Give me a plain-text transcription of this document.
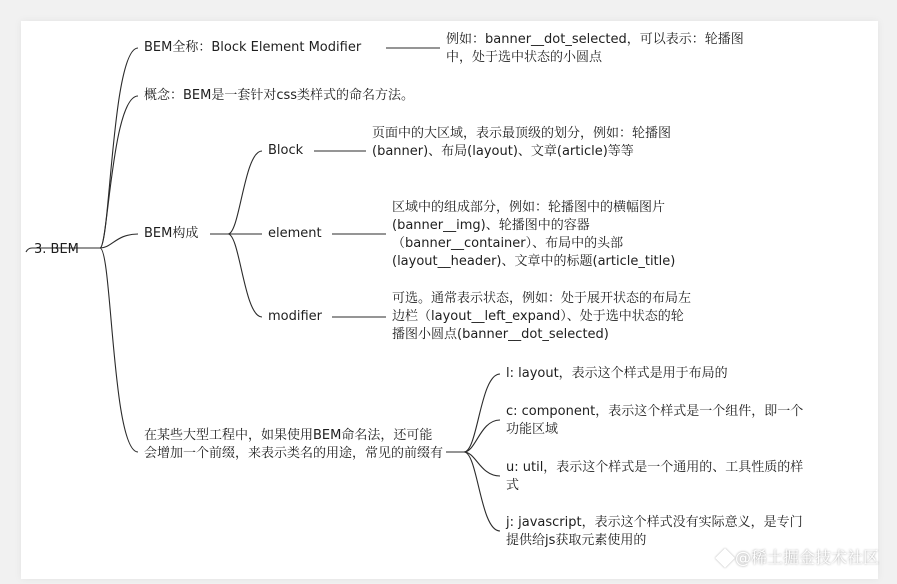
3. BEM
BEM全称：Block Element Modifier
例如：banner__dot_selected，可以表示：轮播图中，处于选中状态的小圆点
概念：BEM是一套针对css类样式的命名方法。
BEM构成
在某些大型工程中，如果使用BEM命名法，还可能会增加一个前缀，来表示类名的用途，常见的前缀有
Block
页面中的大区域，表示最顶级的划分，例如：轮播图(banner)、布局(layout)、文章(article)等等
element
区域中的组成部分，例如：轮播图中的横幅图片(banner__img)、轮播图中的容器（banner__container）、布局中的头部(layout__header)、文章中的标题(article_title)
modifier
可选。通常表示状态，例如：处于展开状态的布局左边栏（layout__left_expand）、处于选中状态的轮播图小圆点(banner__dot_selected)
l: layout，表示这个样式是用于布局的
c: component，表示这个样式是一个组件，即一个功能区域
u: util，表示这个样式是一个通用的、工具性质的样式
j: javascript，表示这个样式没有实际意义，是专门提供给js获取元素使用的
@稀土掘金技术社区
